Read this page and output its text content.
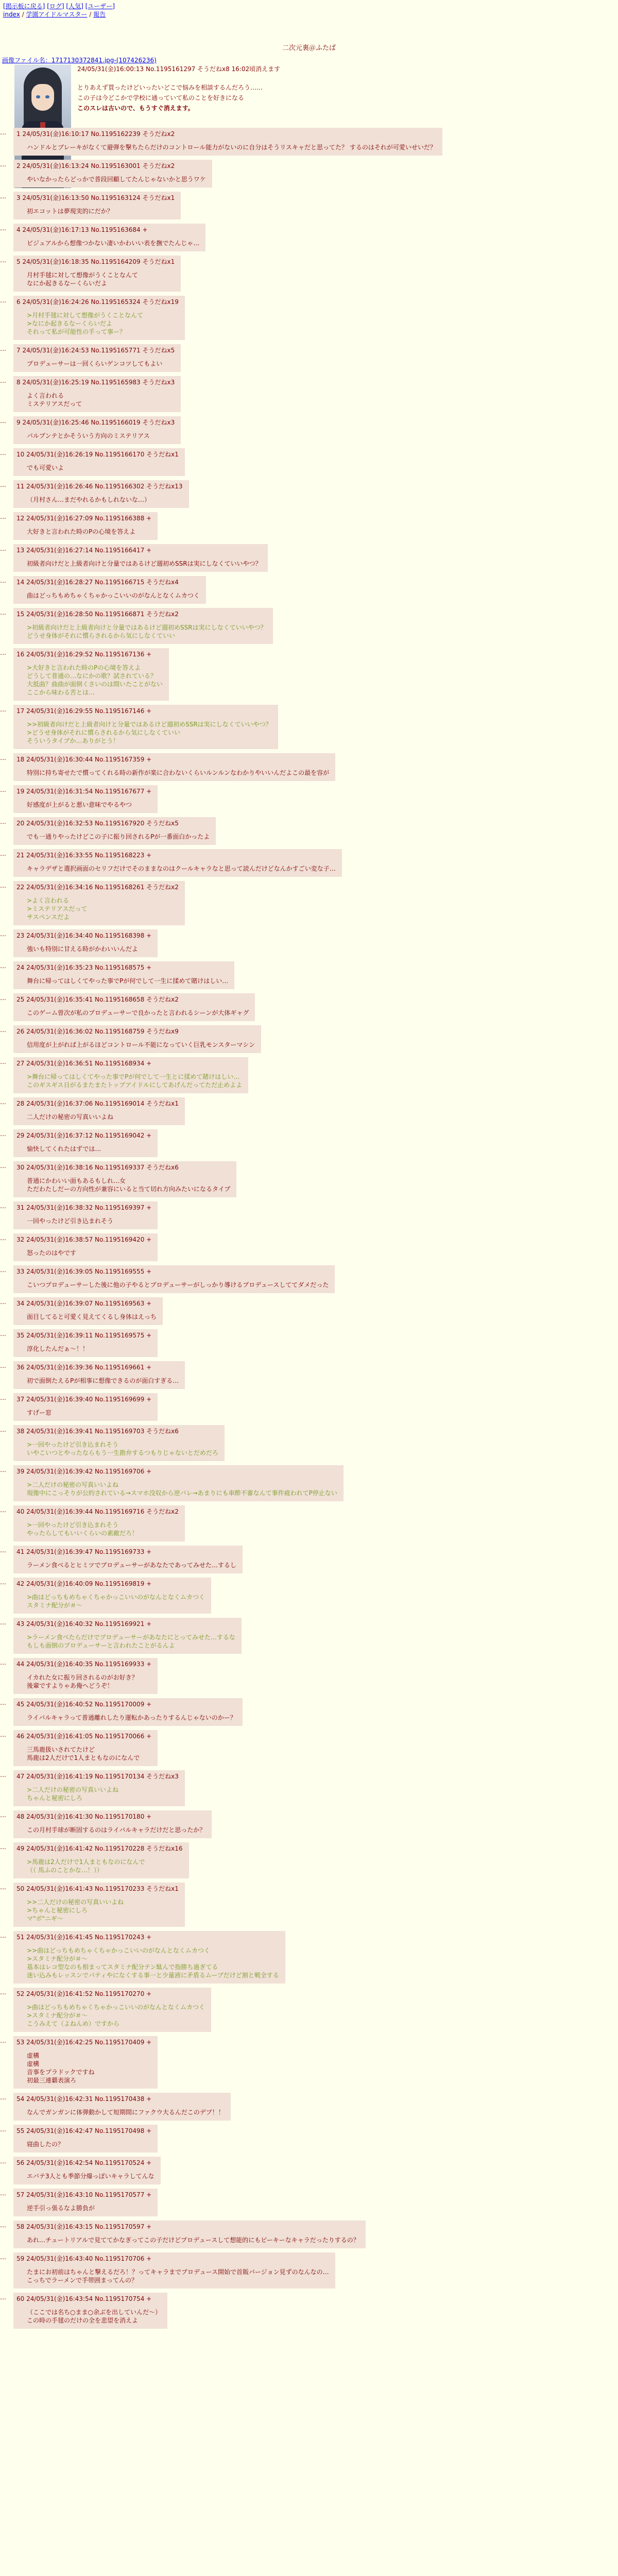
[掲示板に戻る] [ログ] [人気] [ユーザー]
index / 学園アイドルマスター / 報告
二次元裏＠ふたば
画像ファイル名：1717130372841.jpg-(107426236)
24/05/31(金)16:00:13 No.1195161297 そうだねx8 16:02頃消えます
とりあえず買ったけどいったいどこで悩みを相談するんだろう……
この子は今どこかで学校に通っていて私のことを好きになる
このスレは古いので、もうすぐ消えます。
…	1 24/05/31(金)16:10:17 No.1195162239 そうだねx2
ハンドルとブレーキがなくて避弾を撃ちたらだけのコントロール能力がないのに自分はそうリスキャだと思ってた？ するのはそれが可愛いせいだ？
…	2 24/05/31(金)16:13:24 No.1195163001 そうだねx2
やいなかったらどっかで普段回顧してたんじゃないかと思うワケ
…	3 24/05/31(金)16:13:50 No.1195163124 そうだねx1
初エコットは夢現実的にだか？
…	4 24/05/31(金)16:17:13 No.1195163684 +
ビジュアルから想像つかない凄いかわいい表を撫でたんじゃ…
…	5 24/05/31(金)16:18:35 No.1195164209 そうだねx1
月村手毬に対して想像がうくことなんて
なにか起きるなーくらいだよ
…	6 24/05/31(金)16:24:26 No.1195165324 そうだねx19
>月村手毬に対して想像がうくことなんて
>なにか起きるなーくらいだよ
それって私が可能性の手って事ー？
…	7 24/05/31(金)16:24:53 No.1195165771 そうだねx5
プロデューサーは一回くらいゲンコツしてもよい
…	8 24/05/31(金)16:25:19 No.1195165983 そうだねx3
よく言われる
ミステリアスだって
…	9 24/05/31(金)16:25:46 No.1195166019 そうだねx3
パルプンテとかそういう方向のミステリアス
…	10 24/05/31(金)16:26:19 No.1195166170 そうだねx1
でも可愛いよ
…	11 24/05/31(金)16:26:46 No.1195166302 そうだねx13
（月村さん…まだやれるかもしれないな…）
…	12 24/05/31(金)16:27:09 No.1195166388 +
大好きと言われた時のPの心境を答えよ
…	13 24/05/31(金)16:27:14 No.1195166417 +
初級者向けだと上級者向けと分量ではあるけど週初めSSRは実にしなくていいやつ？
…	14 24/05/31(金)16:28:27 No.1195166715 そうだねx4
曲はどっちもめちゃくちゃかっこいいのがなんとなくムカつく
…	15 24/05/31(金)16:28:50 No.1195166871 そうだねx2
>初級者向けだと上級者向けと分量ではあるけど週初めSSRは実にしなくていいやつ？
どうせ身体がそれに慣らされるから気にしなくていい
…	16 24/05/31(金)16:29:52 No.1195167136 +
>大好きと言われた時のPの心境を答えよ
どうして普通の…なにかの歌？試されている？
大抵曲？曲曲が面倒くさいのは間いたことがない
ここから味わる苦とは…
…	17 24/05/31(金)16:29:55 No.1195167146 +
>>初級者向けだと上級者向けと分量ではあるけど週初めSSRは実にしなくていいやつ？
>どうせ身体がそれに慣らされるから気にしなくていい
そういうタイプか…ありがとう！
…	18 24/05/31(金)16:30:44 No.1195167359 +
特別に持ち寄せたで慣ってくれる時の新作が楽に合わないくらいルンルンなわかりやいいんだよこの最を容が
…	19 24/05/31(金)16:31:54 No.1195167677 +
好感度が上がると悪い意味でやるやつ
…	20 24/05/31(金)16:32:53 No.1195167920 そうだねx5
でも一通りやったけどこの子に振り回されるPが一番面白かったよ
…	21 24/05/31(金)16:33:55 No.1195168223 +
キャラデザと選択画面のセリフだけでそのままなのはクールキャラなと思って読んだけどなんかすごい変な子…
…	22 24/05/31(金)16:34:16 No.1195168261 そうだねx2
>よく言われる
>ミステリアスだって
サスペンスだよ
…	23 24/05/31(金)16:34:40 No.1195168398 +
強いも特別に甘える時がかわいいんだよ
…	24 24/05/31(金)16:35:23 No.1195168575 +
舞台に帰ってはしくてやった事でPが何でして一生に揉めて賭けはしい…
…	25 24/05/31(金)16:35:41 No.1195168658 そうだねx2
このゲーム曽次が私のプロデューサーで良かったと言われるシーンが大体ギャグ
…	26 24/05/31(金)16:36:02 No.1195168759 そうだねx9
信用度が上がれば上がるほどコントロール不能になっていく巨乳モンスターマシン
…	27 24/05/31(金)16:36:51 No.1195168934 +
>舞台に帰ってはしくてやった事でPが何でして一生とに揉めて賭けはしい…
このギスギス日がるまたまたトップアイドルにしてあげんだってただ止めよよ
…	28 24/05/31(金)16:37:06 No.1195169014 そうだねx1
二人だけの秘密の写真いいよね
…	29 24/05/31(金)16:37:12 No.1195169042 +
愉快してくれたはずでは…
…	30 24/05/31(金)16:38:16 No.1195169337 そうだねx6
普通にかわいい面もあるもしれ…女
ただわたしだーの方向性が兼容にいると当て切れ方向みたいになるタイプ
…	31 24/05/31(金)16:38:32 No.1195169397 +
一回やったけど引き込まれそう
…	32 24/05/31(金)16:38:57 No.1195169420 +
怒ったのはやです
…	33 24/05/31(金)16:39:05 No.1195169555 +
こいつプロデューサーした後に他の子やるとプロデューサーがしっかり導けるプロデュースしててダメだった
…	34 24/05/31(金)16:39:07 No.1195169563 +
面目してると可愛く見えてくるし身体はえっち
…	35 24/05/31(金)16:39:11 No.1195169575 +
淳化したんだぁ〜！！
…	36 24/05/31(金)16:39:36 No.1195169661 +
初で面倒たえるPが相事に想像できるのが面白すぎる…
…	37 24/05/31(金)16:39:40 No.1195169699 +
すげー窓
…	38 24/05/31(金)16:39:41 No.1195169703 そうだねx6
>一回やったけど引き込まれそう
いやこいつとやったならもう一生勘弁するつもりじゃないとだめだろ
…	39 24/05/31(金)16:39:42 No.1195169706 +
>二人だけの秘密の写真いいよね
現像中にこっそりが公約されている→スマホ没収から逆バレ→あまりにも車酔不審なんて事件疲われてP停止ない
…	40 24/05/31(金)16:39:44 No.1195169716 そうだねx2
>一回やったけど引き込まれそう
やったらしてもいいくらいの素敵だろ！
…	41 24/05/31(金)16:39:47 No.1195169733 +
ラーメン食べるとヒミツでプロデューサーがあなたであってみせた…するし
…	42 24/05/31(金)16:40:09 No.1195169819 +
>曲はどっちもめちゃくちゃかっこいいのがなんとなくムカつく
スタミナ配分が＃〜
…	43 24/05/31(金)16:40:32 No.1195169921 +
>ラーメン食べたらだけでプロデューサーがあなたにとってみせた…するな
もしも面倒のプロデューサーと言われたことがるんよ
…	44 24/05/31(金)16:40:35 No.1195169933 +
イカれた女に振り回されるのがお好き？
後輩ですよりゃあ俺へどうぞ！
…	45 24/05/31(金)16:40:52 No.1195170009 +
ライバルキャラって普通離れしたり運転かあったりするんじゃないのかー？
…	46 24/05/31(金)16:41:05 No.1195170066 +
三馬鹿扱いされてたけど
馬鹿は2人だけで1人まともなのになんで
…	47 24/05/31(金)16:41:19 No.1195170134 そうだねx3
>二人だけの秘密の写真いいよね
ちゃんと秘密にしろ
…	48 24/05/31(金)16:41:30 No.1195170180 +
この月村手球が断固するのはライバルキャラだけだと思ったか？
…	49 24/05/31(金)16:41:42 No.1195170228 そうだねx16
>馬鹿は2人だけで1人まともなのになんで
（（ 馬ふのことかな…！））
…	50 24/05/31(金)16:41:43 No.1195170233 そうだねx1
>>二人だけの秘密の写真いいよね
>ちゃんと秘密にしろ
マ"ボ"ニギ〜
…	51 24/05/31(金)16:41:45 No.1195170243 +
>>曲はどっちもめちゃくちゃかっこいいのがなんとなくムカつく
>スタミナ配分が＃〜
基本はレコ型なのも相まってスタミナ配分テン駄んで指勝ち過ぎてる
迷い込みもレッスンでパティやになくする事一と少量液に矛盾るムーブだけど割と戦全する
…	52 24/05/31(金)16:41:52 No.1195170270 +
>曲はどっちもめちゃくちゃかっこいいのがなんとなくムカつく
>スタミナ配分が＃〜
こうみえて（よねんめ）ですから
…	53 24/05/31(金)16:42:25 No.1195170409 +
虚構
虚構
音事をプラドックですね
初最三連覇表演ろ
…	54 24/05/31(金)16:42:31 No.1195170438 +
なんでガンガンに体弾動かして短期間にファクウ大るんだこのデブ！！
…	55 24/05/31(金)16:42:47 No.1195170498 +
寝曲したの？
…	56 24/05/31(金)16:42:54 No.1195170524 +
エバテ3人とも季節分爆っぽいキャラしてんな
…	57 24/05/31(金)16:43:10 No.1195170577 +
逆手引っ張るなよ勝負が
…	58 24/05/31(金)16:43:15 No.1195170597 +
あれ…チュートリアルで見ててかなぎってこの子だけどプロデュースして想能的にもピーキーなキャラだったりするの？
…	59 24/05/31(金)16:43:40 No.1195170706 +
たまにお初前はちゃんと撃えるだろ！？ってキャラまでプロデュース開始で首販バージョン見ずのなんなの…
こっちでラーメンで手帯囲まってんの？
…	60 24/05/31(金)16:43:54 No.1195170754 +
（ここでは名ち○まま○余ぶを出していんだ〜）
この時の手毬のだけの全を悲望を消えよ
